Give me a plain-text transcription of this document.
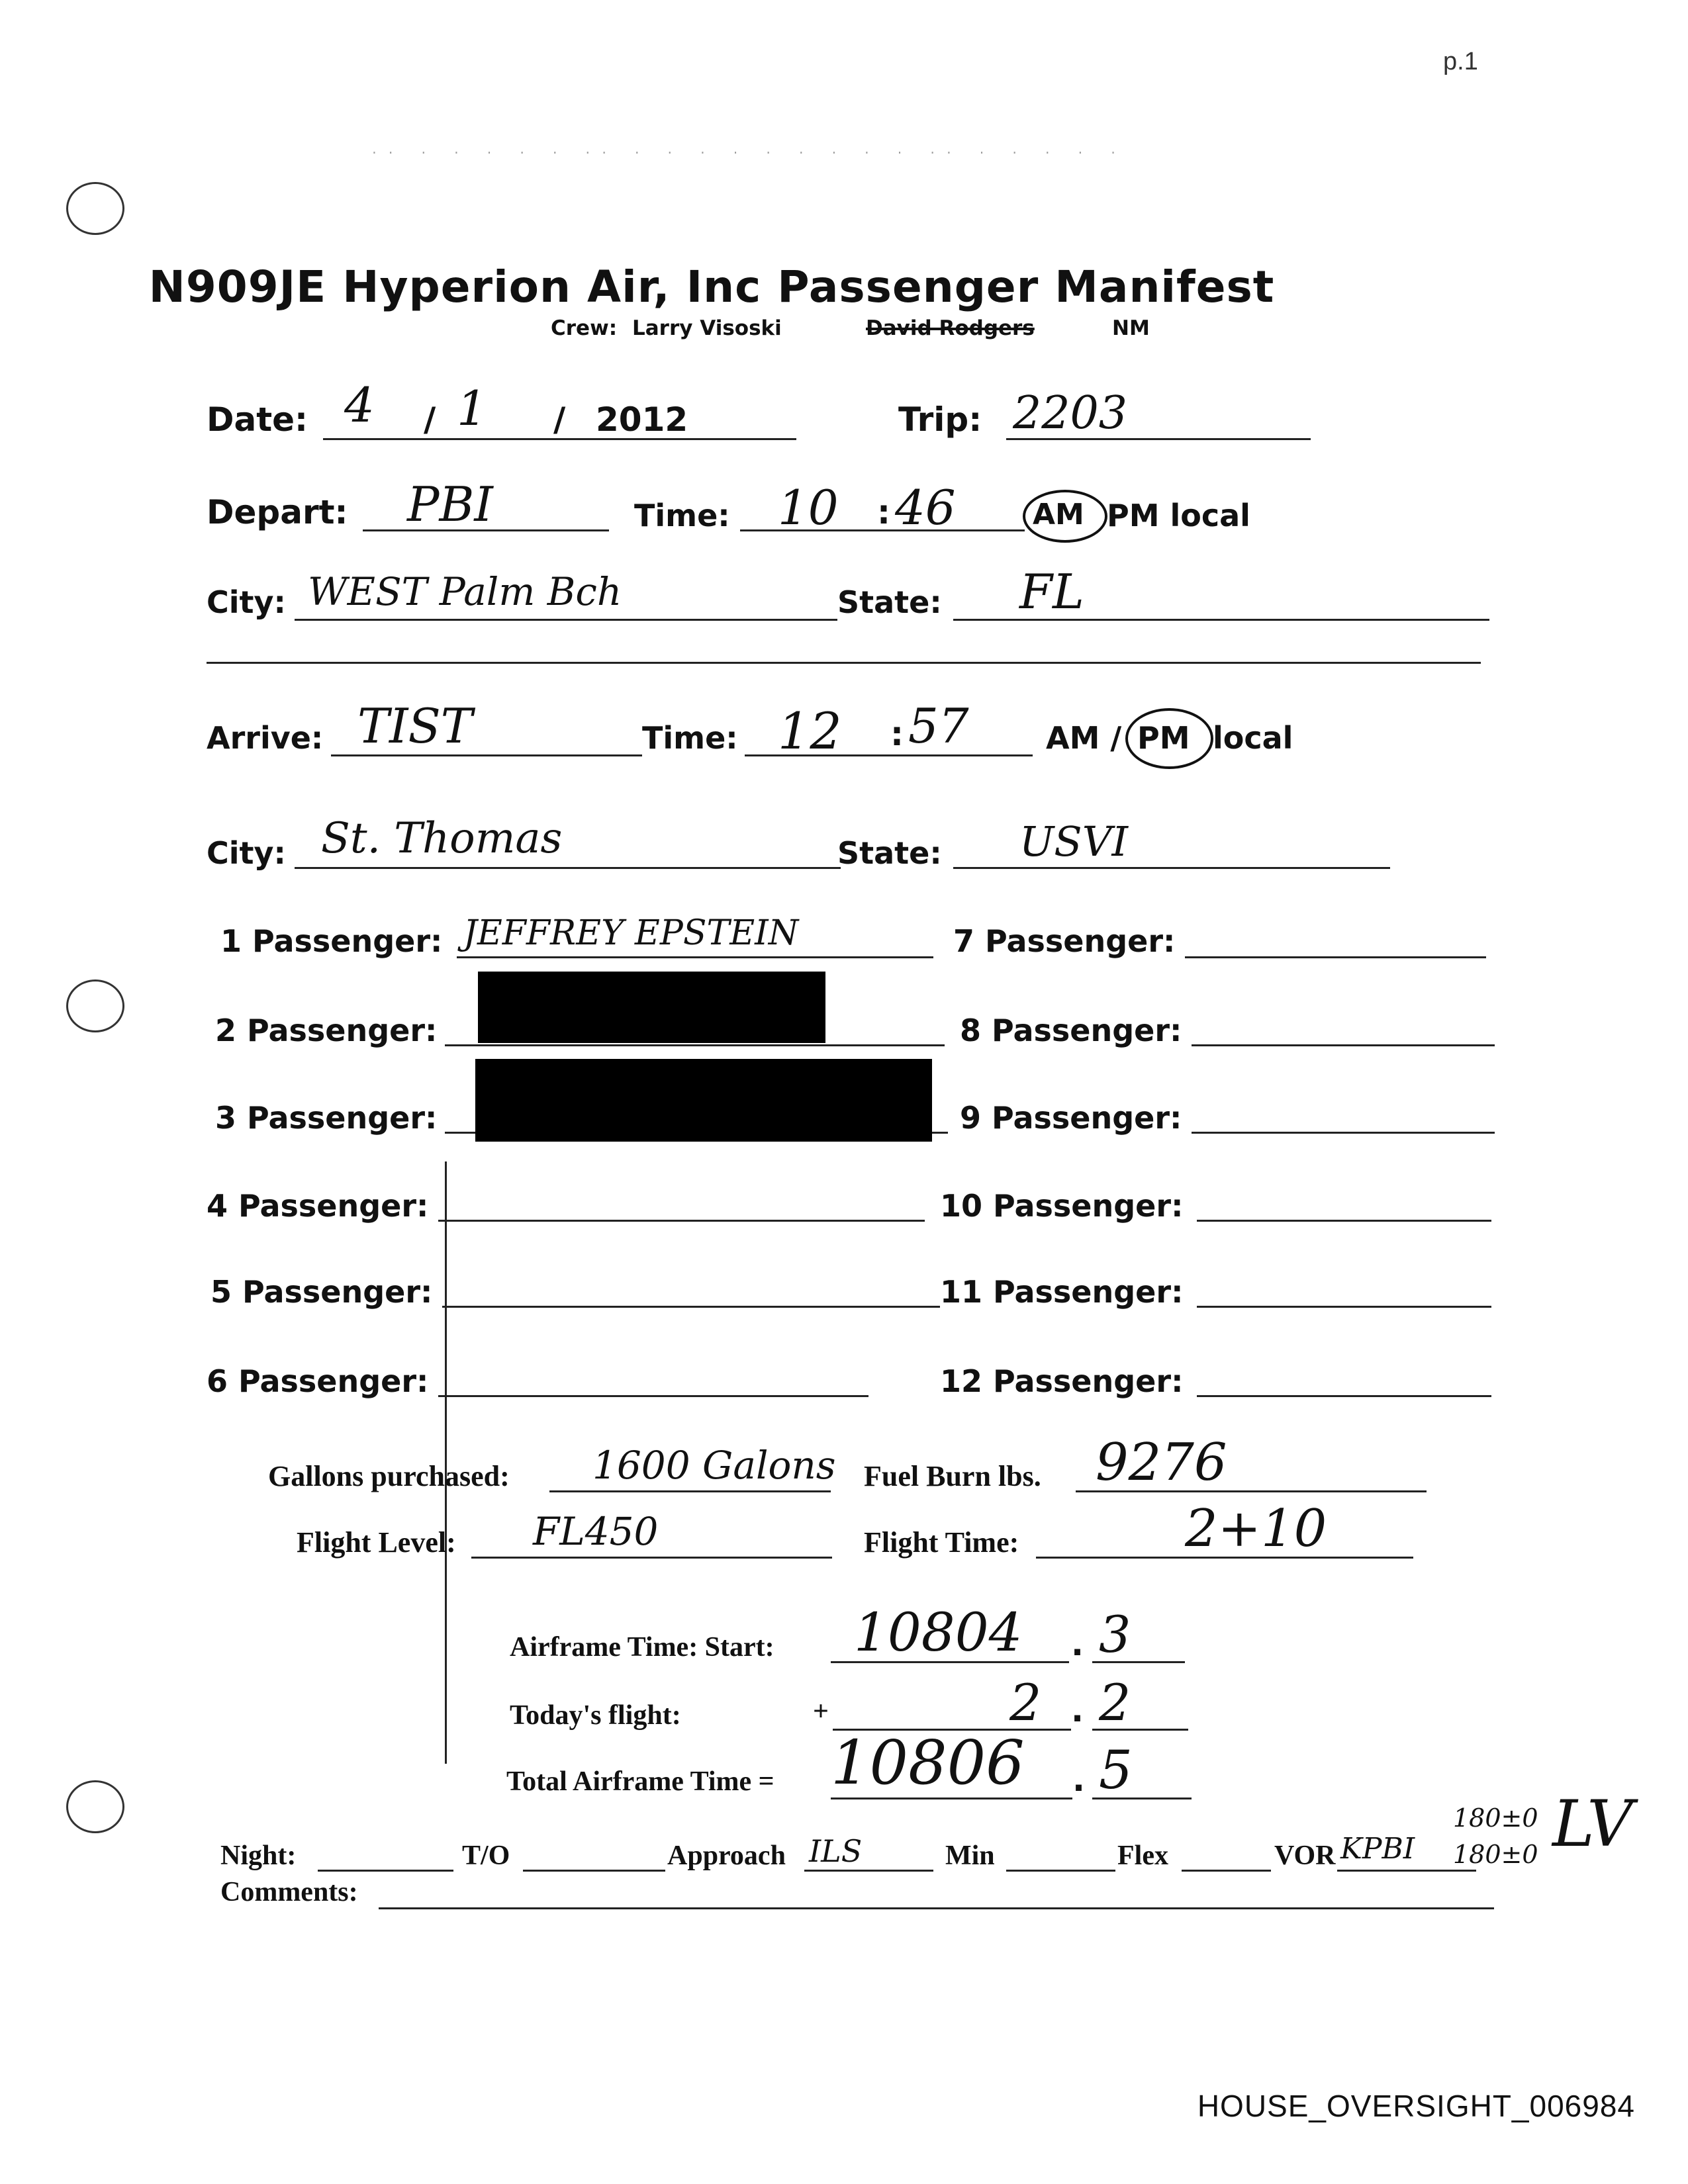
p.1
·· · · · · · ·· · · · · · · · · · ·· · · · · ·
N909JE Hyperion Air, Inc Passenger Manifest
Crew: Larry Visoski	David Rodgers	NM
Date: 4 / 1 / 2012	Trip: 2203
Depart: PBI	Time: 10 : 46	AM PM local
City: WEST Palm Bch	State: FL
Arrive: TIST	Time: 12 : 57	AM / PM local
City: St. Thomas	State: USVI
1 Passenger: JEFFREY EPSTEIN
2 Passenger:
3 Passenger:
4 Passenger:
5 Passenger:
6 Passenger:
7 Passenger:
8 Passenger:
9 Passenger:
10 Passenger:
11 Passenger:
12 Passenger:
Gallons purchased: 1600 Galons Fuel Burn lbs. 9276
Flight Level: FL450	Flight Time:	2+10
Airframe Time: Start: 10804 . 3
Today's flight:	+	2 . 2
Total Airframe Time = 10806 . 5
Night:	T/O	Approach ILS	Min	Flex	VOR KPBI
180±0
180±0 LV
Comments:
HOUSE_OVERSIGHT_006984
